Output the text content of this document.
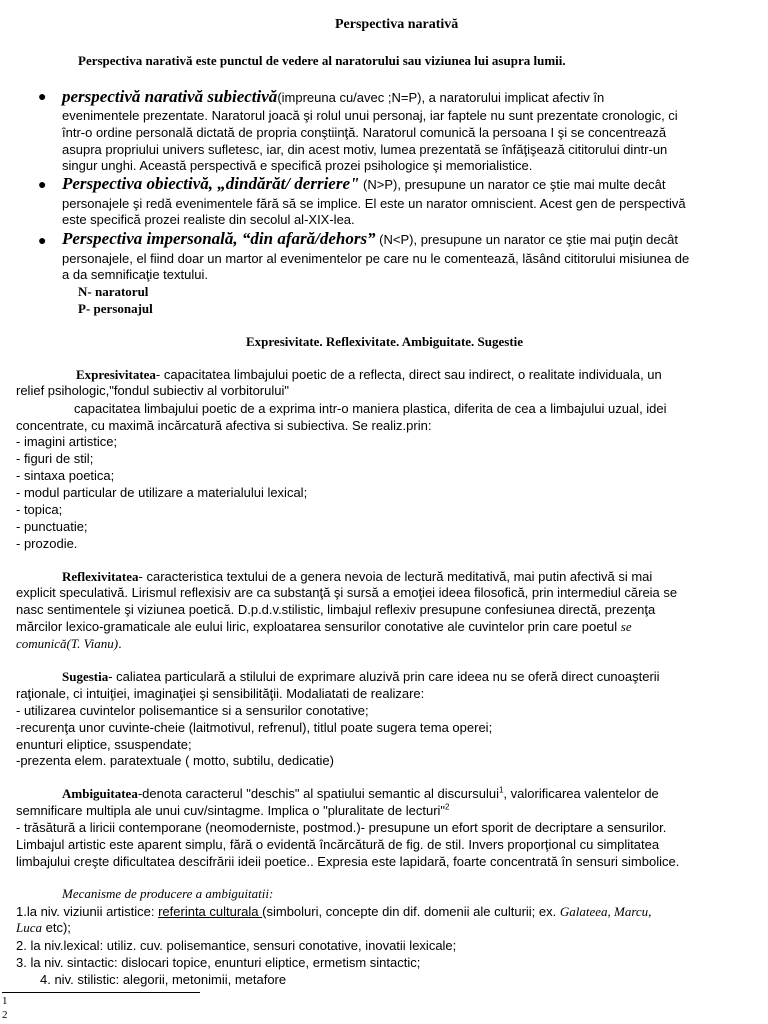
Perspectiva narativă
Perspectiva narativă este punctul de vedere al naratorului sau viziunea lui asupra lumii.
● perspectivă narativă subiectivă(impreuna cu/avec ;N=P), a naratorului implicat afectiv în
evenimentele prezentate. Naratorul joacă şi rolul unui personaj, iar faptele nu sunt prezentate cronologic, ci
într-o ordine personală dictată de propria conştiinţă. Naratorul comunică la persoana I şi se concentrează
asupra propriului univers sufletesc, iar, din acest motiv, lumea prezentată se înfăţişează cititorului dintr-un
singur unghi. Această perspectivă e specifică prozei psihologice şi memorialistice.
● Perspectiva obiectivă, „dindărăt/ derriere" (N>P), presupune un narator ce ştie mai multe decât
personajele şi redă evenimentele fără să se implice. El este un narator omniscient. Acest gen de perspectivă
este specifică prozei realiste din secolul al-XIX-lea.
● Perspectiva impersonală, “din afară/dehors” (N<P), presupune un narator ce ştie mai puţin decât
personajele, el fiind doar un martor al evenimentelor pe care nu le comentează, lăsând cititorului misiunea de
a da semnificaţie textului.
N- naratorul
P- personajul
Expresivitate. Reflexivitate. Ambiguitate. Sugestie
Expresivitatea- capacitatea limbajului poetic de a reflecta, direct sau indirect, o realitate individuala, un
relief psihologic,"fondul subiectiv al vorbitorului"
capacitatea limbajului poetic de a exprima intr-o maniera plastica, diferita de cea a limbajului uzual, idei
concentrate, cu maximă incărcatură afectiva si subiectiva. Se realiz.prin:
- imagini artistice;
- figuri de stil;
- sintaxa poetica;
- modul particular de utilizare a materialului lexical;
- topica;
- punctuatie;
- prozodie.
Reflexivitatea- caracteristica textului de a genera nevoia de lectură meditativă, mai putin afectivă si mai
explicit speculativă. Lirismul reflexisiv are ca substanţă şi sursă a emoţiei ideea filosofică, prin intermediul căreia se
nasc sentimentele şi viziunea poetică. D.p.d.v.stilistic, limbajul reflexiv presupune confesiunea directă, prezenţa
mărcilor lexico-gramaticale ale eului liric, exploatarea sensurilor conotative ale cuvintelor prin care poetul se
comunică(T. Vianu).
Sugestia- caliatea particulară a stilului de exprimare aluzivă prin care ideea nu se oferă direct cunoaşterii
raţionale, ci intuiţiei, imaginaţiei şi sensibilităţii. Modaliatati de realizare:
- utilizarea cuvintelor polisemantice si a sensurilor conotative;
-recurenţa unor cuvinte-cheie (laitmotivul, refrenul), titlul poate sugera tema operei;
enunturi eliptice, ssuspendate;
-prezenta elem. paratextuale ( motto, subtilu, dedicatie)
Ambiguitatea-denota caracterul "deschis" al spatiului semantic al discursului$^1$, valorificarea valentelor de
semnificare multipla ale unui cuv/sintagme. Implica o "pluralitate de lecturi"$^2$
- trăsătură a liricii contemporane (neomoderniste, postmod.)- presupune un efort sporit de decriptare a sensurilor.
Limbajul artistic este aparent simplu, fără o evidentă încărcătură de fig. de stil. Invers proporţional cu simplitatea
limbajului creşte dificultatea descifrării ideii poetice.. Expresia este lapidară, foarte concentrată în sensuri simbolice.
Mecanisme de producere a ambiguitatii:
1.la niv. viziunii artistice: referinta culturala (simboluri, concepte din dif. domenii ale culturii; ex. Galateea, Marcu,
Luca etc);
2. la niv.lexical: utiliz. cuv. polisemantice, sensuri conotative, inovatii lexicale;
3. la niv. sintactic: dislocari topice, enunturi eliptice, ermetism sintactic;
4. niv. stilistic: alegorii, metonimii, metafore
1
2
